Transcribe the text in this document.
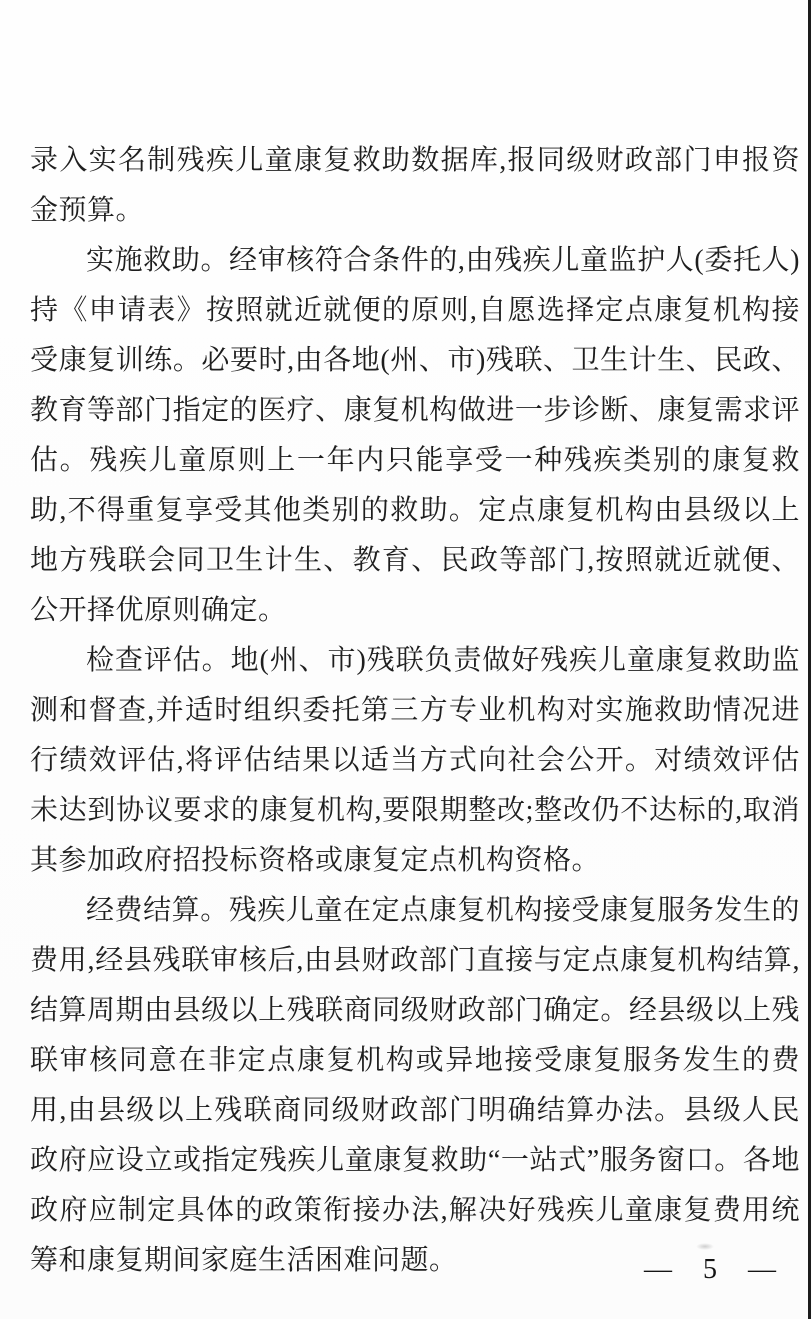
录入实名制残疾儿童康复救助数据库,报同级财政部门申报资金预算。

实施救助。经审核符合条件的,由残疾儿童监护人(委托人)持《申请表》按照就近就便的原则,自愿选择定点康复机构接受康复训练。必要时,由各地(州、市)残联、卫生计生、民政、教育等部门指定的医疗、康复机构做进一步诊断、康复需求评估。残疾儿童原则上一年内只能享受一种残疾类别的康复救助,不得重复享受其他类别的救助。定点康复机构由县级以上地方残联会同卫生计生、教育、民政等部门,按照就近就便、公开择优原则确定。

检查评估。地(州、市)残联负责做好残疾儿童康复救助监测和督查,并适时组织委托第三方专业机构对实施救助情况进行绩效评估,将评估结果以适当方式向社会公开。对绩效评估未达到协议要求的康复机构,要限期整改;整改仍不达标的,取消其参加政府招投标资格或康复定点机构资格。

经费结算。残疾儿童在定点康复机构接受康复服务发生的费用,经县残联审核后,由县财政部门直接与定点康复机构结算,结算周期由县级以上残联商同级财政部门确定。经县级以上残联审核同意在非定点康复机构或异地接受康复服务发生的费用,由县级以上残联商同级财政部门明确结算办法。县级人民政府应设立或指定残疾儿童康复救助“一站式”服务窗口。各地政府应制定具体的政策衔接办法,解决好残疾儿童康复费用统筹和康复期间家庭生活困难问题。	— 5 —
